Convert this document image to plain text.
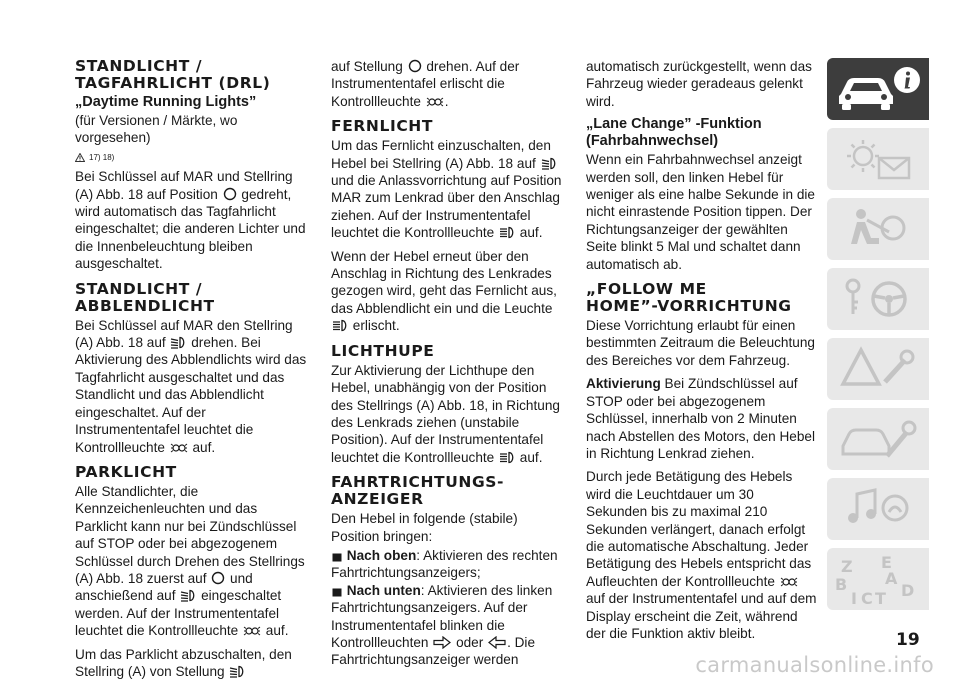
STANDLICHT /
TAGFAHRLICHT (DRL)
„Daytime Running Lights”

(für Versionen / Märkte, wo vorgesehen)

17) 18)

Bei Schlüssel auf MAR und Stellring (A) Abb. 18 auf Position gedreht, wird automatisch das Tagfahrlicht eingeschaltet; die anderen Lichter und die Innenbeleuchtung bleiben ausgeschaltet.

STANDLICHT /
ABBLENDLICHT

Bei Schlüssel auf MAR den Stellring (A) Abb. 18 auf drehen. Bei Aktivierung des Abblendlichts wird das Tagfahrlicht ausgeschaltet und das Standlicht und das Abblendlicht eingeschaltet. Auf der Instrumententafel leuchtet die Kontrollleuchte auf.

PARKLICHT

Alle Standlichter, die Kennzeichenleuchten und das Parklicht kann nur bei Zündschlüssel auf STOP oder bei abgezogenem Schlüssel durch Drehen des Stellrings (A) Abb. 18 zuerst auf und anschießend auf eingeschaltet werden. Auf der Instrumententafel leuchtet die Kontrollleuchte auf.

Um das Parklicht abzuschalten, den Stellring (A) von Stellung

auf Stellung drehen. Auf der Instrumententafel erlischt die Kontrollleuchte .

FERNLICHT

Um das Fernlicht einzuschalten, den Hebel bei Stellring (A) Abb. 18 auf  und die Anlassvorrichtung auf Position MAR zum Lenkrad über den Anschlag ziehen. Auf der Instrumententafel leuchtet die Kontrollleuchte auf.

Wenn der Hebel erneut über den Anschlag in Richtung des Lenkrades gezogen wird, geht das Fernlicht aus, das Abblendlicht ein und die Leuchte  erlischt.

LICHTHUPE

Zur Aktivierung der Lichthupe den Hebel, unabhängig von der Position des Stellrings (A) Abb. 18, in Richtung des Lenkrads ziehen (unstabile Position). Auf der Instrumententafel leuchtet die Kontrollleuchte auf.

FAHRTRICHTUNGS-
ANZEIGER

Den Hebel in folgende (stabile) Position bringen:

Nach oben: Aktivieren des rechten Fahrtrichtungsanzeigers;
Nach unten: Aktivieren des linken Fahrtrichtungsanzeigers. Auf der Instrumententafel blinken die Kontrollleuchten oder . Die Fahrtrichtungsanzeiger werden

automatisch zurückgestellt, wenn das Fahrzeug wieder geradeaus gelenkt wird.

„Lane Change” -Funktion
(Fahrbahnwechsel)

Wenn ein Fahrbahnwechsel anzeigt werden soll, den linken Hebel für weniger als eine halbe Sekunde in die nicht einrastende Position tippen. Der Richtungsanzeiger der gewählten Seite blinkt 5 Mal und schaltet dann automatisch ab.

„FOLLOW ME
HOME”-VORRICHTUNG

Diese Vorrichtung erlaubt für einen bestimmten Zeitraum die Beleuchtung des Bereiches vor dem Fahrzeug.

Aktivierung Bei Zündschlüssel auf STOP oder bei abgezogenem Schlüssel, innerhalb von 2 Minuten nach Abstellen des Motors, den Hebel in Richtung Lenkrad ziehen.

Durch jede Betätigung des Hebels wird die Leuchtdauer um 30 Sekunden bis zu maximal 210 Sekunden verlängert, danach erfolgt die automatische Abschaltung. Jeder Betätigung des Hebels entspricht das Aufleuchten der Kontrollleuchte  auf der Instrumententafel und auf dem Display erscheint die Zeit, während der die Funktion aktiv bleibt.

Z E
B A
I C T D
19
carmanualsonline.info
